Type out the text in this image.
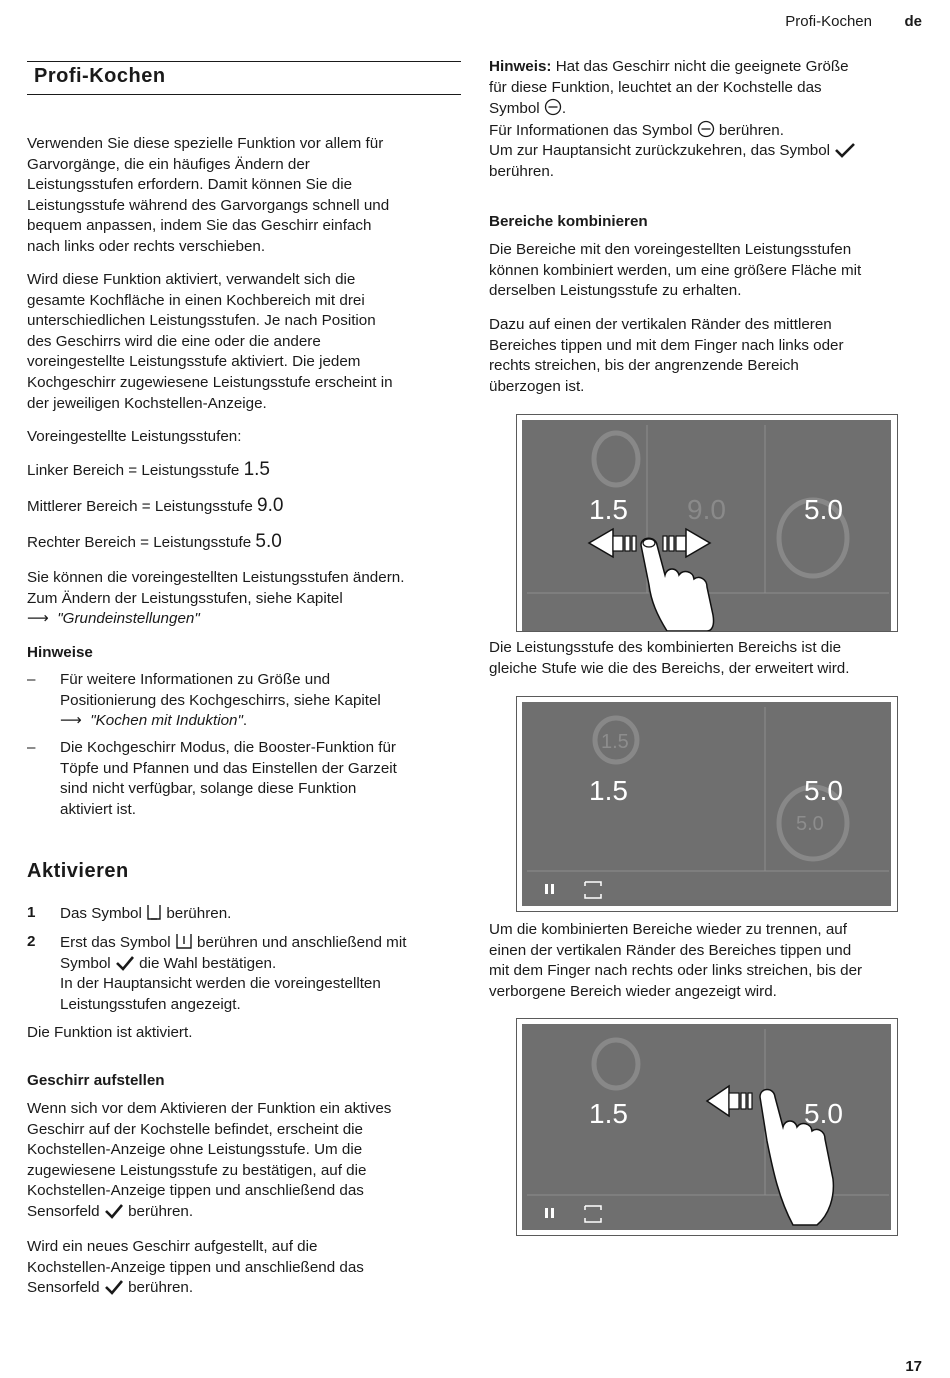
Profi-Kochen de
Profi-Kochen

Verwenden Sie diese spezielle Funktion vor allem für

Garvorgänge, die ein häufiges Ändern der

Leistungsstufen erfordern. Damit können Sie die

Leistungsstufe während des Garvorgangs schnell und

bequem anpassen, indem Sie das Geschirr einfach

nach links oder rechts verschieben.

Wird diese Funktion aktiviert, verwandelt sich die

gesamte Kochfläche in einen Kochbereich mit drei

unterschiedlichen Leistungsstufen. Je nach Position

des Geschirrs wird die eine oder die andere

voreingestellte Leistungsstufe aktiviert. Die jedem

Kochgeschirr zugewiesene Leistungsstufe erscheint in

der jeweiligen Kochstellen-Anzeige.

Voreingestellte Leistungsstufen:

Linker Bereich = Leistungsstufe 1.5

Mittlerer Bereich = Leistungsstufe 9.0

Rechter Bereich = Leistungsstufe 5.0

Sie können die voreingestellten Leistungsstufen ändern.

Zum Ändern der Leistungsstufen, siehe Kapitel

⟶ "Grundeinstellungen"

Hinweise

– Für weitere Informationen zu Größe und

Positionierung des Kochgeschirrs, siehe Kapitel

⟶ "Kochen mit Induktion".

– Die Kochgeschirr Modus, die Booster-Funktion für

Töpfe und Pfannen und das Einstellen der Garzeit

sind nicht verfügbar, solange diese Funktion

aktiviert ist.

Aktivieren

1 Das Symbol berühren.
2 Erst das Symbol berühren und anschließend mit

Symbol die Wahl bestätigen.

In der Hauptansicht werden die voreingestellten

Leistungsstufen angezeigt.

Die Funktion ist aktiviert.

Geschirr aufstellen

Wenn sich vor dem Aktivieren der Funktion ein aktives

Geschirr auf der Kochstelle befindet, erscheint die

Kochstellen-Anzeige ohne Leistungsstufe. Um die

zugewiesene Leistungsstufe zu bestätigen, auf die

Kochstellen-Anzeige tippen und anschließend das

Sensorfeld berühren.

Wird ein neues Geschirr aufgestellt, auf die

Kochstellen-Anzeige tippen und anschließend das

Sensorfeld berühren.

Hinweis: Hat das Geschirr nicht die geeignete Größe

für diese Funktion, leuchtet an der Kochstelle das

Symbol .

Für Informationen das Symbol berühren.

Um zur Hauptansicht zurückzukehren, das Symbol

berühren.

Bereiche kombinieren

Die Bereiche mit den voreingestellten Leistungsstufen

können kombiniert werden, um eine größere Fläche mit

derselben Leistungsstufe zu erhalten.

Dazu auf einen der vertikalen Ränder des mittleren

Bereiches tippen und mit dem Finger nach links oder

rechts streichen, bis der angrenzende Bereich

überzogen ist.

Die Leistungsstufe des kombinierten Bereichs ist die

gleiche Stufe wie die des Bereichs, der erweitert wird.

Um die kombinierten Bereiche wieder zu trennen, auf

einen der vertikalen Ränder des Bereiches tippen und

mit dem Finger nach rechts oder links streichen, bis der

verborgene Bereich wieder angezeigt wird.

1.5 9.0	5.0
1.5
1.5	5.0
5.0
1.5	5.0
17
